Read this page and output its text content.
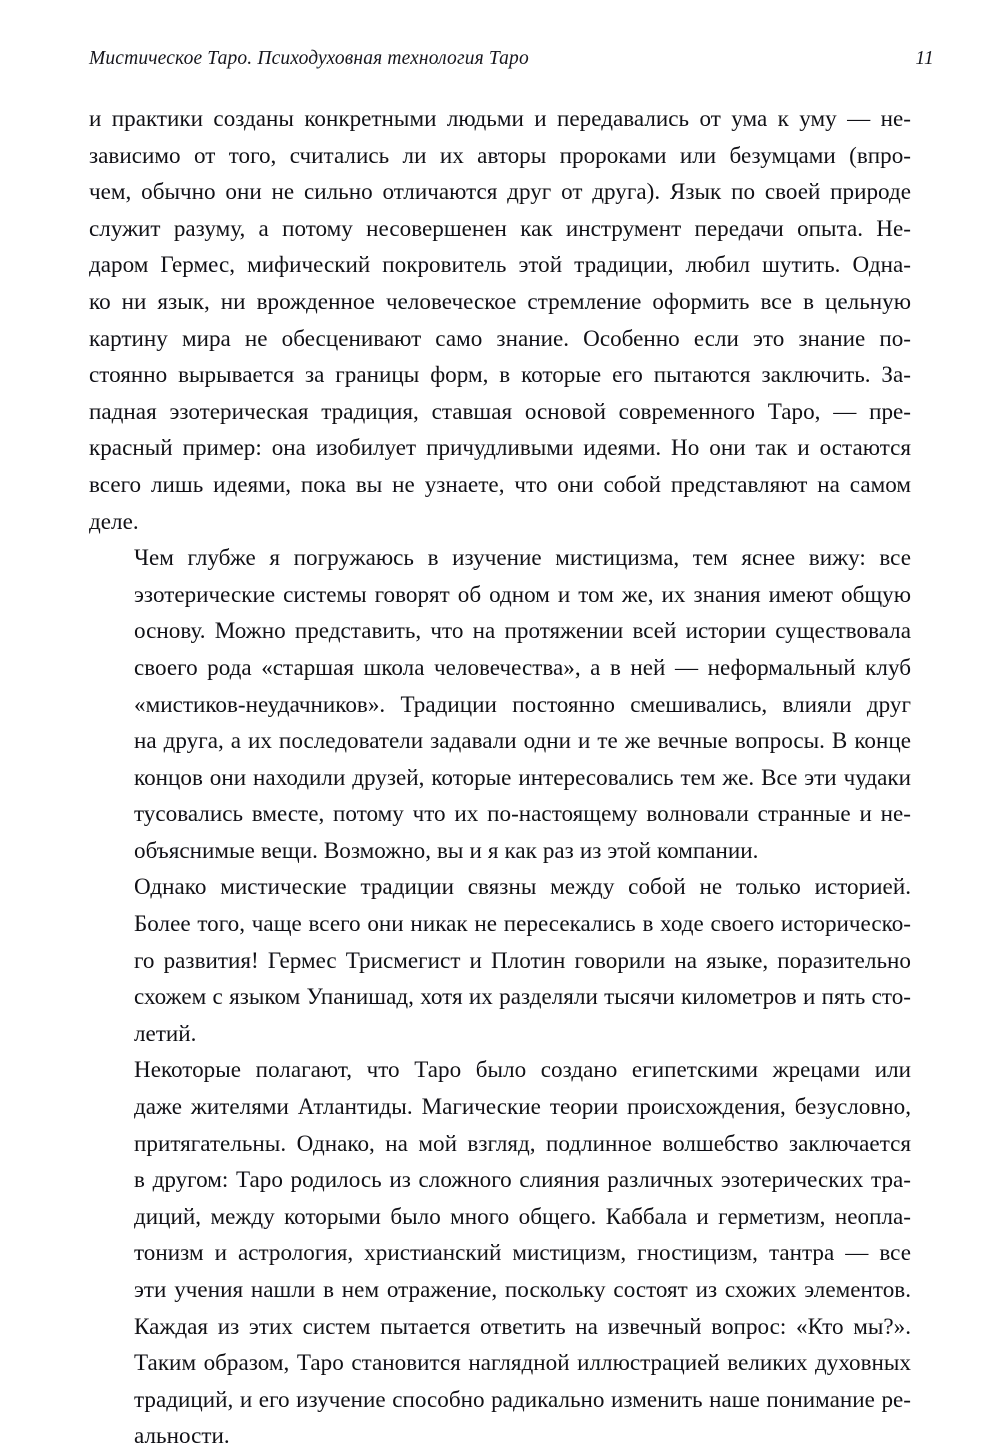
Мистическое Таро. Психодуховная технология Таро	11

и практики созданы конкретными людьми и передавались от ума к уму — не-
зависимо от того, считались ли их авторы пророками или безумцами (впро-
чем, обычно они не сильно отличаются друг от друга). Язык по своей природе
служит разуму, а потому несовершенен как инструмент передачи опыта. Не-
даром Гермес, мифический покровитель этой традиции, любил шутить. Одна-
ко ни язык, ни врожденное человеческое стремление оформить все в цельную
картину мира не обесценивают само знание. Особенно если это знание по-
стоянно вырывается за границы форм, в которые его пытаются заключить. За-
падная эзотерическая традиция, ставшая основой современного Таро, — пре-
красный пример: она изобилует причудливыми идеями. Но они так и остаются
всего лишь идеями, пока вы не узнаете, что они собой представляют на самом
деле.

Чем глубже я погружаюсь в изучение мистицизма, тем яснее вижу: все
эзотерические системы говорят об одном и том же, их знания имеют общую
основу. Можно представить, что на протяжении всей истории существовала
своего рода «старшая школа человечества», а в ней — неформальный клуб
«мистиков-неудачников». Традиции постоянно смешивались, влияли друг
на друга, а их последователи задавали одни и те же вечные вопросы. В конце
концов они находили друзей, которые интересовались тем же. Все эти чудаки
тусовались вместе, потому что их по-настоящему волновали странные и не-
объяснимые вещи. Возможно, вы и я как раз из этой компании.

Однако мистические традиции связны между собой не только историей.
Более того, чаще всего они никак не пересекались в ходе своего историческо-
го развития! Гермес Трисмегист и Плотин говорили на языке, поразительно
схожем с языком Упанишад, хотя их разделяли тысячи километров и пять сто-
летий.

Некоторые полагают, что Таро было создано египетскими жрецами или
даже жителями Атлантиды. Магические теории происхождения, безусловно,
притягательны. Однако, на мой взгляд, подлинное волшебство заключается
в другом: Таро родилось из сложного слияния различных эзотерических тра-
диций, между которыми было много общего. Каббала и герметизм, неопла-
тонизм и астрология, христианский мистицизм, гностицизм, тантра — все
эти учения нашли в нем отражение, поскольку состоят из схожих элементов.
Каждая из этих систем пытается ответить на извечный вопрос: «Кто мы?».
Таким образом, Таро становится наглядной иллюстрацией великих духовных
традиций, и его изучение способно радикально изменить наше понимание ре-
альности.
